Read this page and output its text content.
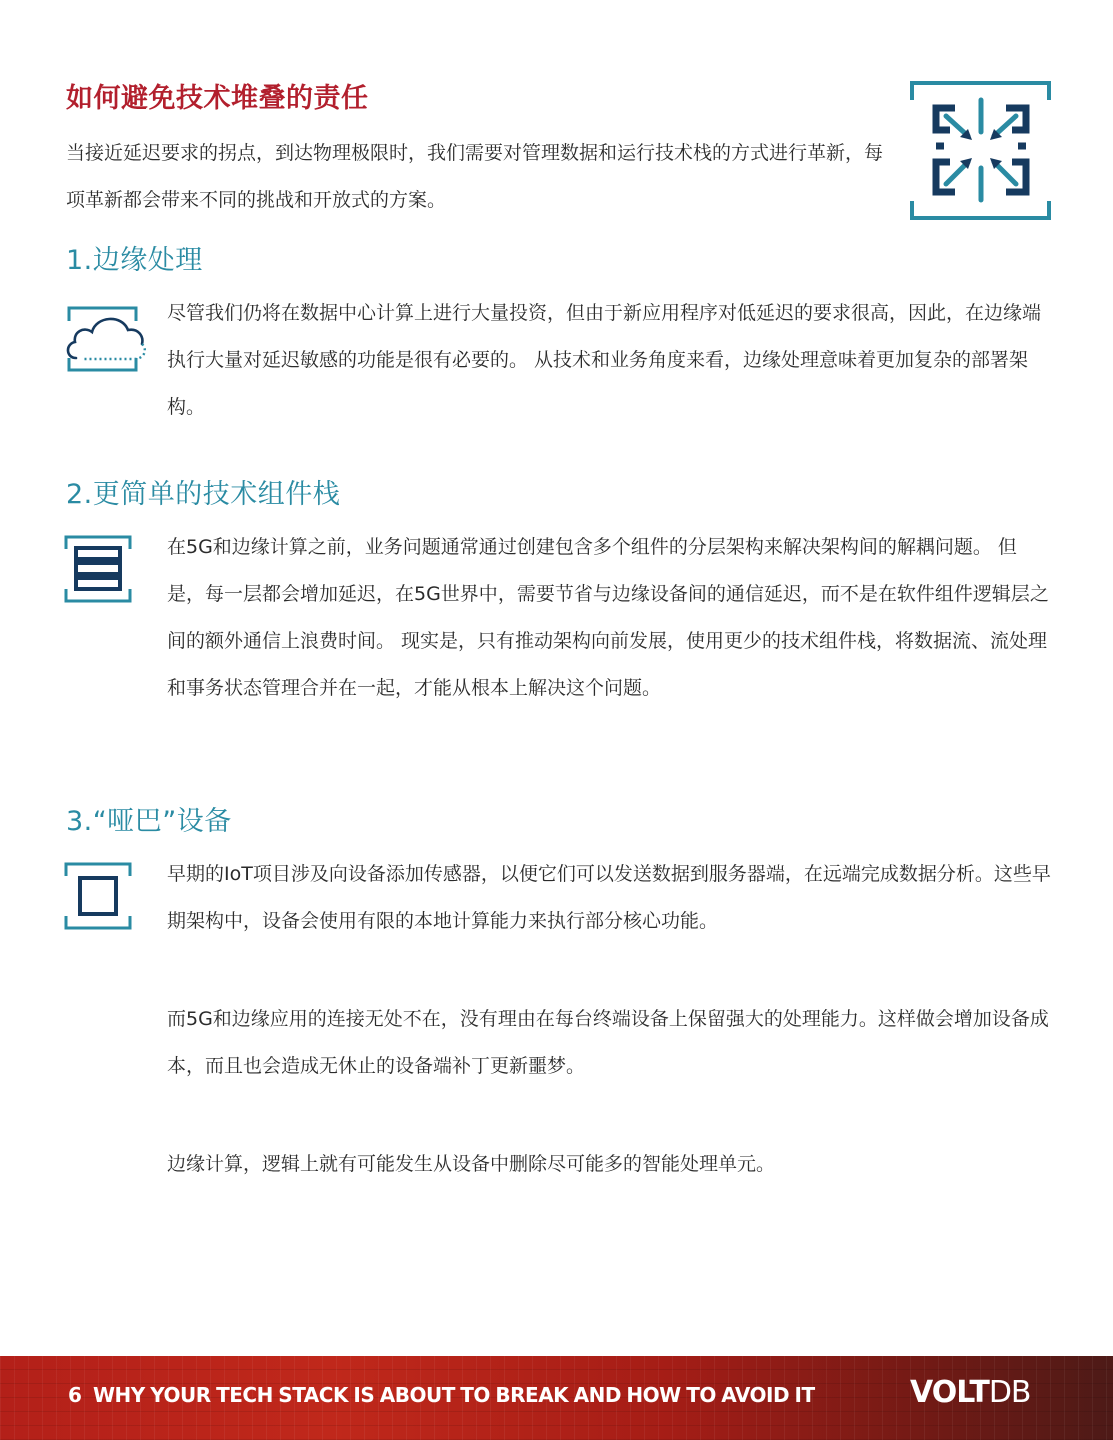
如何避免技术堆叠的责任

当接近延迟要求的拐点，到达物理极限时，我们需要对管理数据和运行技术栈的方式进行革新，每项革新都会带来不同的挑战和开放式的方案。

1.边缘处理

尽管我们仍将在数据中心计算上进行大量投资，但由于新应用程序对低延迟的要求很高，因此，在边缘端执行大量对延迟敏感的功能是很有必要的。 从技术和业务角度来看，边缘处理意味着更加复杂的部署架构。

2.更简单的技术组件栈

在5G和边缘计算之前，业务问题通常通过创建包含多个组件的分层架构来解决架构间的解耦问题。 但是，每一层都会增加延迟，在5G世界中，需要节省与边缘设备间的通信延迟，而不是在软件组件逻辑层之间的额外通信上浪费时间。 现实是，只有推动架构向前发展，使用更少的技术组件栈，将数据流、流处理和事务状态管理合并在一起，才能从根本上解决这个问题。

3.“哑巴”设备

早期的IoT项目涉及向设备添加传感器，以便它们可以发送数据到服务器端，在远端完成数据分析。这些早期架构中，设备会使用有限的本地计算能力来执行部分核心功能。

而5G和边缘应用的连接无处不在，没有理由在每台终端设备上保留强大的处理能力。这样做会增加设备成本，而且也会造成无休止的设备端补丁更新噩梦。

边缘计算，逻辑上就有可能发生从设备中删除尽可能多的智能处理单元。

6 WHY YOUR TECH STACK IS ABOUT TO BREAK AND HOW TO AVOID IT	VOLTDB
